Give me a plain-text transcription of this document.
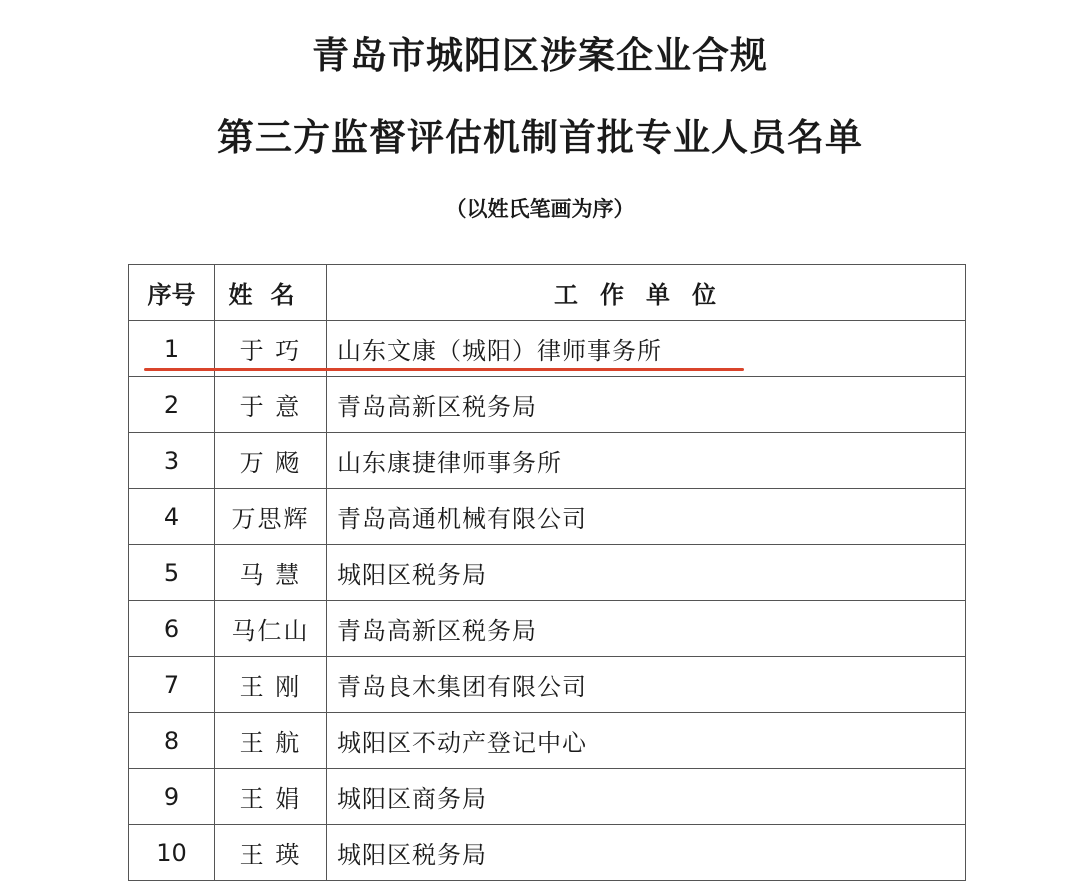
青岛市城阳区涉案企业合规
第三方监督评估机制首批专业人员名单
（以姓氏笔画为序）
序号	姓名	工作单位
1	于 巧	山东文康（城阳）律师事务所
2	于 意	青岛高新区税务局
3	万 飏	山东康捷律师事务所
4	万思辉	青岛高通机械有限公司
5	马 慧	城阳区税务局
6	马仁山	青岛高新区税务局
7	王 刚	青岛良木集团有限公司
8	王 航	城阳区不动产登记中心
9	王 娟	城阳区商务局
10	王 瑛	城阳区税务局
